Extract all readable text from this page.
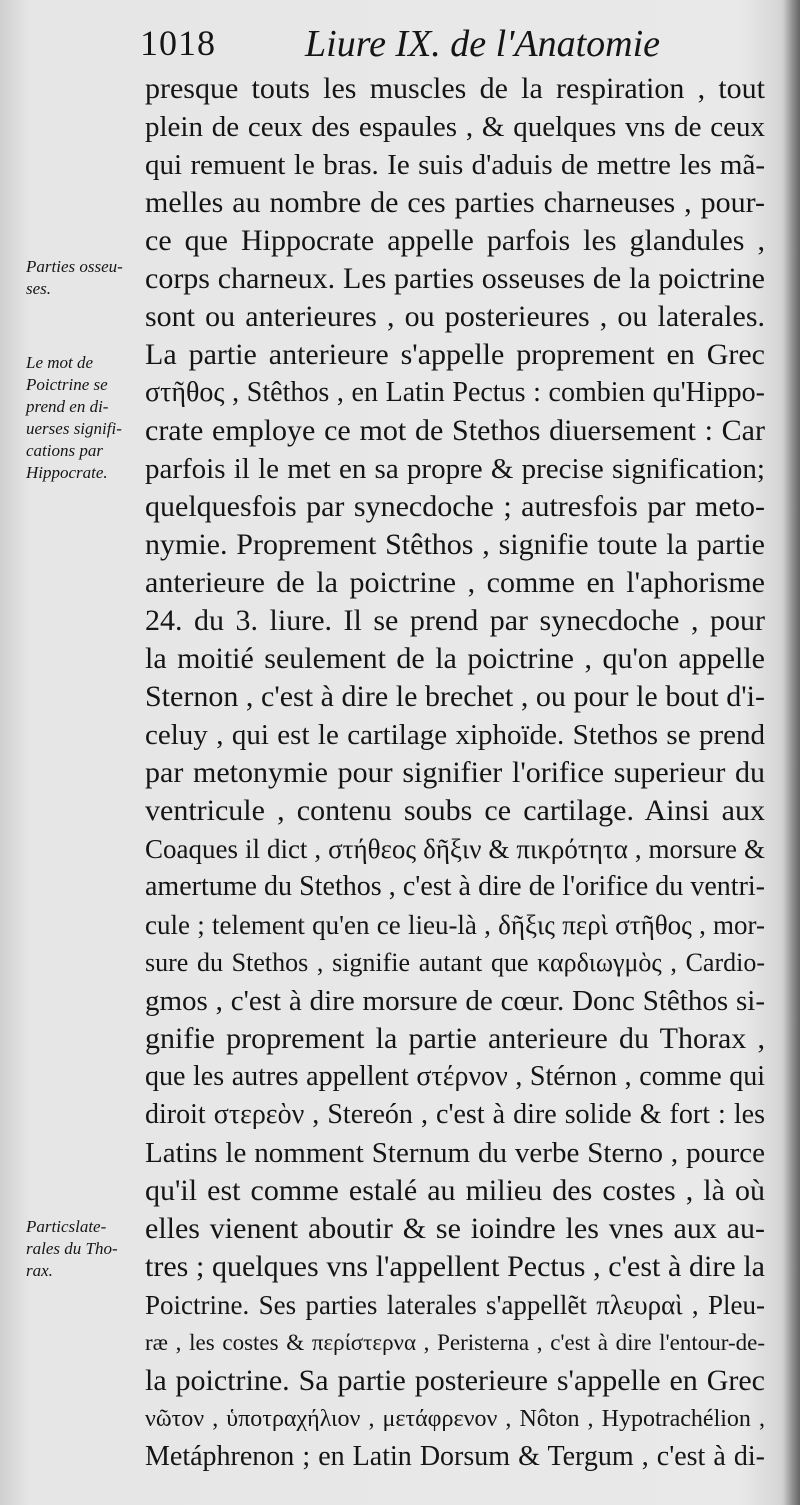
1018 Liure IX. de l'Anatomie
presque touts les muscles de la respiration , tout
plein de ceux des espaules , & quelques vns de ceux
qui remuent le bras. Ie suis d'aduis de mettre les mã-
melles au nombre de ces parties charneuses , pour-
ce que Hippocrate appelle parfois les glandules ,
corps charneux. Les parties osseuses de la poictrine
sont ou anterieures , ou posterieures , ou laterales.
La partie anterieure s'appelle proprement en Grec
στῆθος , Stêthos , en Latin Pectus : combien qu'Hippo-
crate employe ce mot de Stethos diuersement : Car
parfois il le met en sa propre & precise signification;
quelquesfois par synecdoche ; autresfois par meto-
nymie. Proprement Stêthos , signifie toute la partie
anterieure de la poictrine , comme en l'aphorisme
24. du 3. liure. Il se prend par synecdoche , pour
la moitié seulement de la poictrine , qu'on appelle
Sternon , c'est à dire le brechet , ou pour le bout d'i-
celuy , qui est le cartilage xiphoïde. Stethos se prend
par metonymie pour signifier l'orifice superieur du
ventricule , contenu soubs ce cartilage. Ainsi aux
Coaques il dict , στήθεος δῆξιν & πικρότητα , morsure &
amertume du Stethos , c'est à dire de l'orifice du ventri-
cule ; telement qu'en ce lieu-là , δῆξις περὶ στῆθος , mor-
sure du Stethos , signifie autant que καρδιωγμὸς , Cardio-
gmos , c'est à dire morsure de cœur. Donc Stêthos si-
gnifie proprement la partie anterieure du Thorax ,
que les autres appellent στέρνον , Stérnon , comme qui
diroit στερεὸν , Stereón , c'est à dire solide & fort : les
Latins le nomment Sternum du verbe Sterno , pource
qu'il est comme estalé au milieu des costes , là où
elles vienent aboutir & se ioindre les vnes aux au-
tres ; quelques vns l'appellent Pectus , c'est à dire la
Poictrine. Ses parties laterales s'appellẽt πλευραὶ , Pleu-
ræ , les costes & περίστερνα , Peristerna , c'est à dire l'entour-de-
la poictrine. Sa partie posterieure s'appelle en Grec
νῶτον , ὑποτραχήλιον , μετάφρενον , Nôton , Hypotrachélion ,
Metáphrenon ; en Latin Dorsum & Tergum , c'est à di-
Parties osseu-
ses.
Le mot de
Poictrine se
prend en di-
uerses signifi-
cations par
Hippocrate.
Particslate-
rales du Tho-
rax.
